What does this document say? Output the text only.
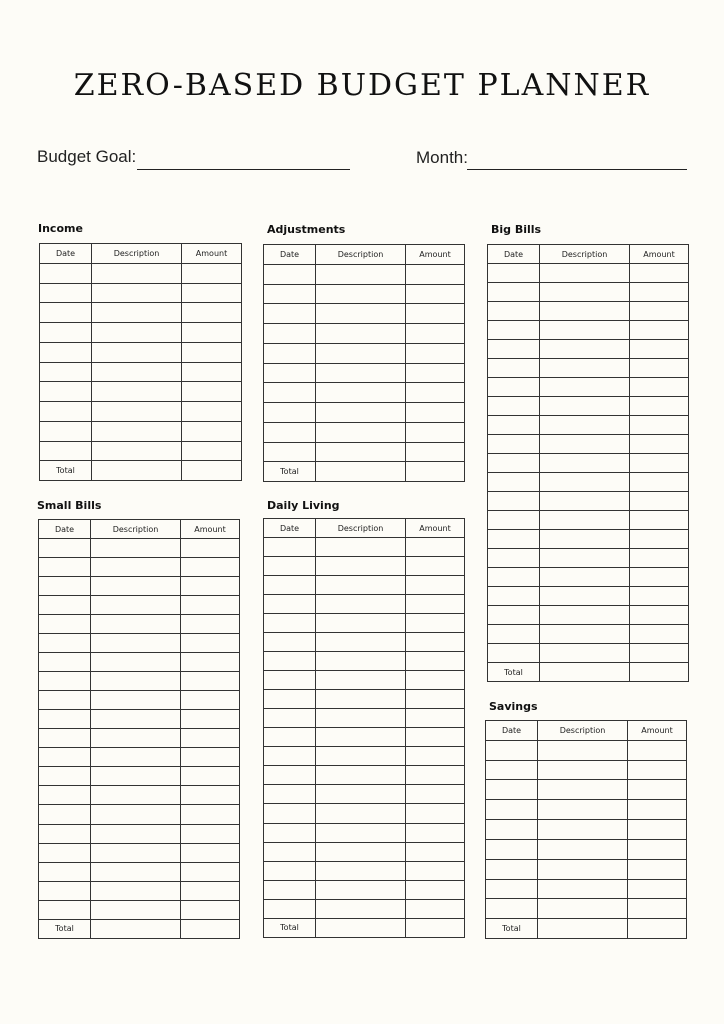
ZERO-BASED BUDGET PLANNER
Budget Goal:	Month:
Income
Date	Description	Amount

Total		
Adjustments
Date	Description	Amount

Total		
Big Bills
Date	Description	Amount

Total		
Small Bills
Date	Description	Amount

Total		
Daily Living
Date	Description	Amount

Total		
Savings
Date	Description	Amount

Total		
